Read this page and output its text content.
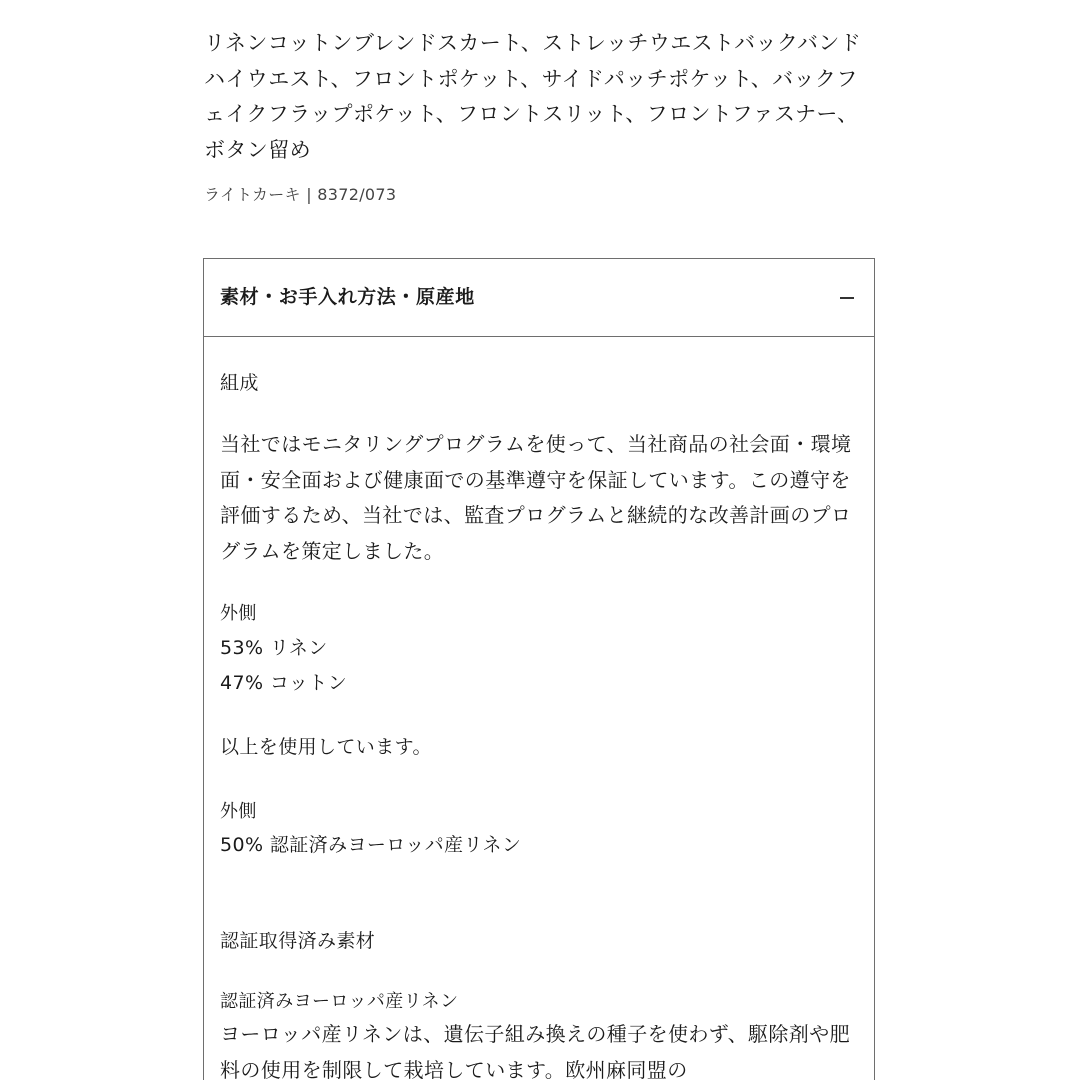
リネンコットンブレンドスカート、ストレッチウエストバックバンドハイウエスト、フロントポケット、サイドパッチポケット、バックフェイクフラップポケット、フロントスリット、フロントファスナー、ボタン留め

ライトカーキ | 8372/073
素材・お手入れ方法・原産地
組成

当社ではモニタリングプログラムを使って、当社商品の社会面・環境面・安全面および健康面での基準遵守を保証しています。この遵守を評価するため、当社では、監査プログラムと継続的な改善計画のプログラムを策定しました。

外側
53% リネン
47% コットン
以上を使用しています。
外側
50% 認証済みヨーロッパ産リネン
認証取得済み素材
認証済みヨーロッパ産リネン

ヨーロッパ産リネンは、遺伝子組み換えの種子を使わず、駆除剤や肥料の使用を制限して栽培しています。欧州麻同盟の
